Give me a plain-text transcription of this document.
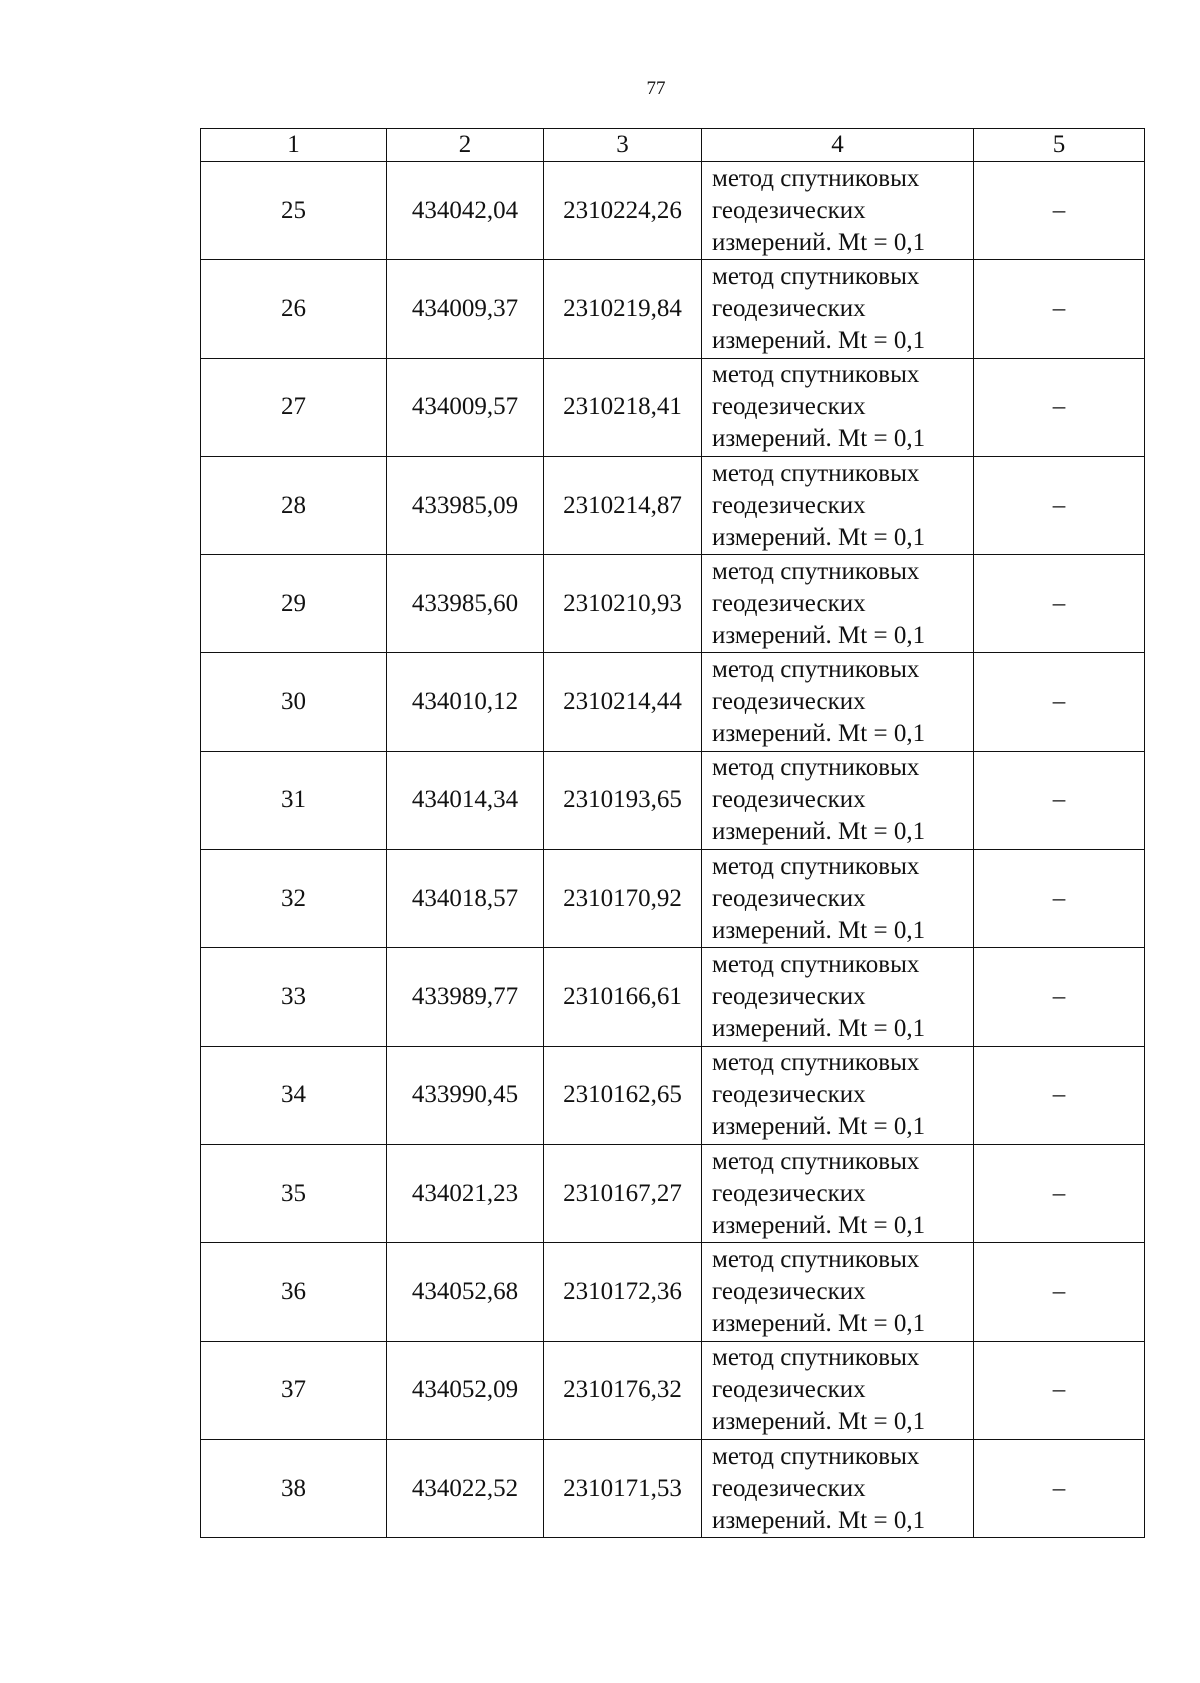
77
1	2	3	4	5
25	434042,04	2310224,26	метод спутниковых
геодезических
измерений. Mt = 0,1	–
26	434009,37	2310219,84	метод спутниковых
геодезических
измерений. Mt = 0,1	–
27	434009,57	2310218,41	метод спутниковых
геодезических
измерений. Mt = 0,1	–
28	433985,09	2310214,87	метод спутниковых
геодезических
измерений. Mt = 0,1	–
29	433985,60	2310210,93	метод спутниковых
геодезических
измерений. Mt = 0,1	–
30	434010,12	2310214,44	метод спутниковых
геодезических
измерений. Mt = 0,1	–
31	434014,34	2310193,65	метод спутниковых
геодезических
измерений. Mt = 0,1	–
32	434018,57	2310170,92	метод спутниковых
геодезических
измерений. Mt = 0,1	–
33	433989,77	2310166,61	метод спутниковых
геодезических
измерений. Mt = 0,1	–
34	433990,45	2310162,65	метод спутниковых
геодезических
измерений. Mt = 0,1	–
35	434021,23	2310167,27	метод спутниковых
геодезических
измерений. Mt = 0,1	–
36	434052,68	2310172,36	метод спутниковых
геодезических
измерений. Mt = 0,1	–
37	434052,09	2310176,32	метод спутниковых
геодезических
измерений. Mt = 0,1	–
38	434022,52	2310171,53	метод спутниковых
геодезических
измерений. Mt = 0,1	–
